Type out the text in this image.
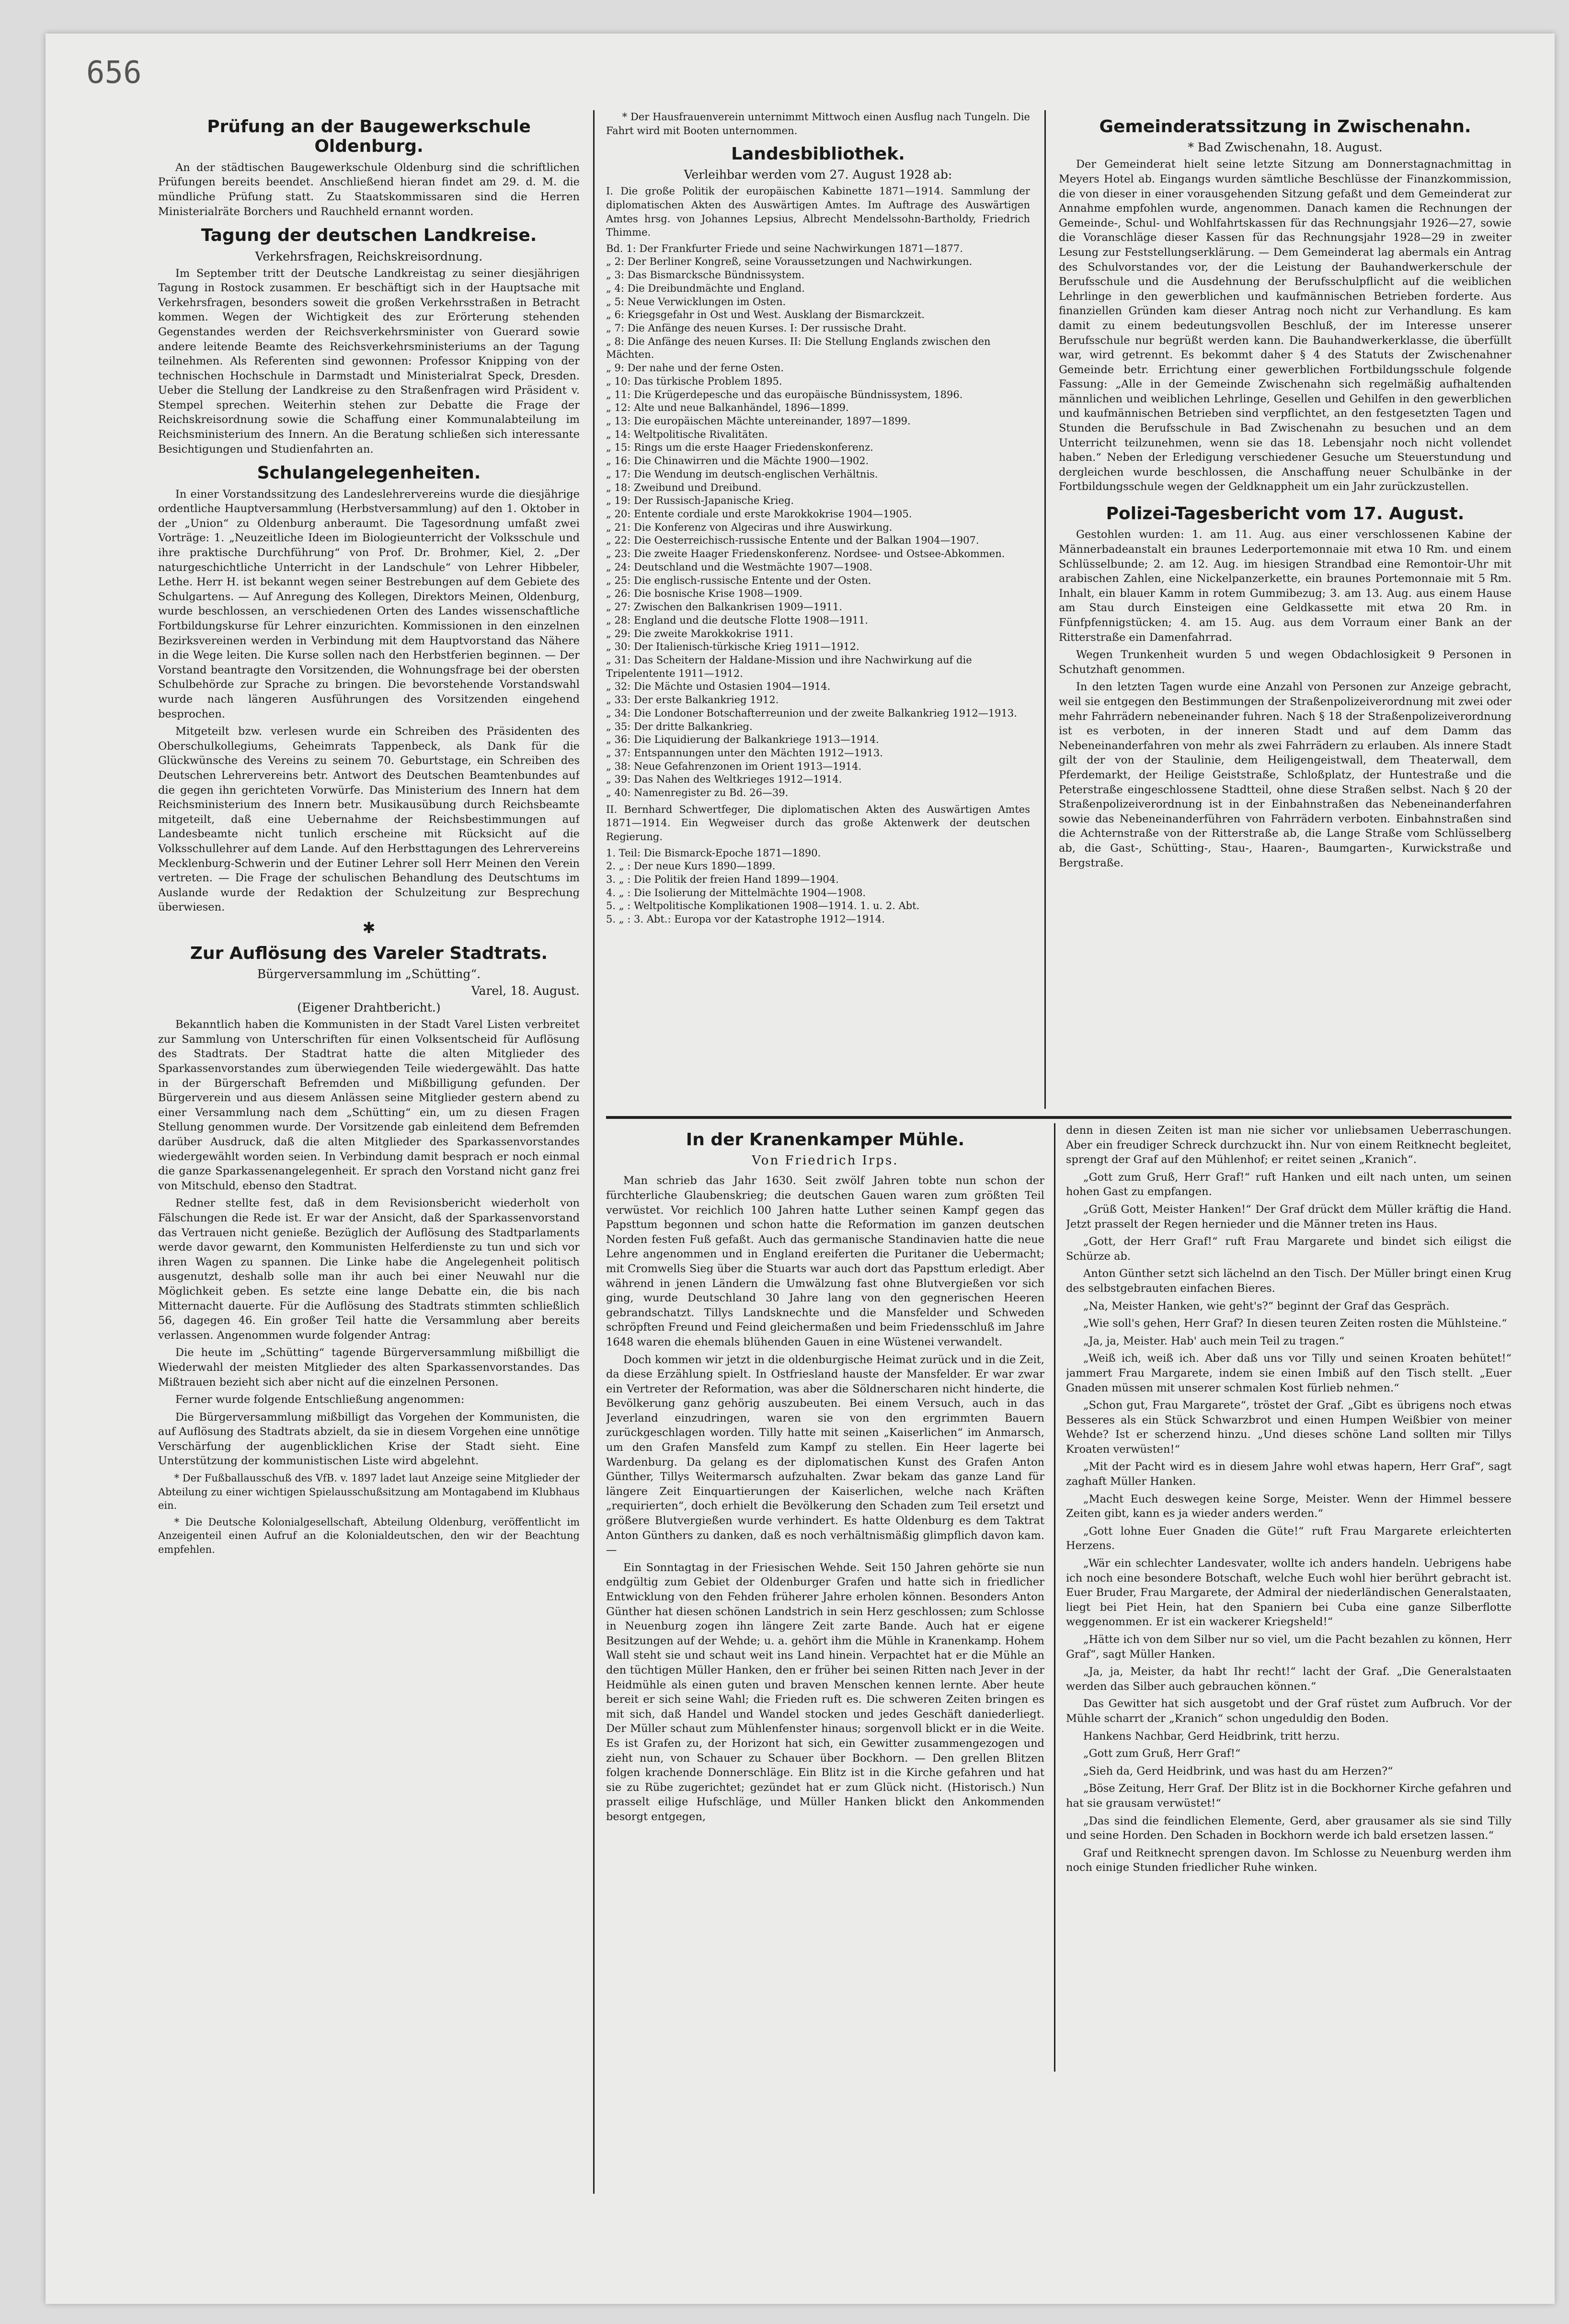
656
Prüfung an der Baugewerkschule Oldenburg.
An der städtischen Baugewerkschule Oldenburg sind die schriftlichen Prüfungen bereits beendet. Anschließend hieran findet am 29. d. M. die mündliche Prüfung statt. Zu Staatskommissaren sind die Herren Ministerialräte Borchers und Rauchheld ernannt worden.
Tagung der deutschen Landkreise.
Verkehrsfragen, Reichskreisordnung.
Im September tritt der Deutsche Landkreistag zu seiner diesjährigen Tagung in Rostock zusammen. Er beschäftigt sich in der Hauptsache mit Verkehrsfragen, besonders soweit die großen Verkehrsstraßen in Betracht kommen. Wegen der Wichtigkeit des zur Erörterung stehenden Gegenstandes werden der Reichsverkehrsminister von Guerard sowie andere leitende Beamte des Reichsverkehrsministeriums an der Tagung teilnehmen. Als Referenten sind gewonnen: Professor Knipping von der technischen Hochschule in Darmstadt und Ministerialrat Speck, Dresden. Ueber die Stellung der Landkreise zu den Straßenfragen wird Präsident v. Stempel sprechen. Weiterhin stehen zur Debatte die Frage der Reichskreisordnung sowie die Schaffung einer Kommunalabteilung im Reichsministerium des Innern. An die Beratung schließen sich interessante Besichtigungen und Studienfahrten an.
Schulangelegenheiten.
In einer Vorstandssitzung des Landeslehrervereins wurde die diesjährige ordentliche Hauptversammlung (Herbstversammlung) auf den 1. Oktober in der „Union“ zu Oldenburg anberaumt. Die Tagesordnung umfaßt zwei Vorträge: 1. „Neuzeitliche Ideen im Biologieunterricht der Volksschule und ihre praktische Durchführung“ von Prof. Dr. Brohmer, Kiel, 2. „Der naturgeschichtliche Unterricht in der Landschule“ von Lehrer Hibbeler, Lethe. Herr H. ist bekannt wegen seiner Bestrebungen auf dem Gebiete des Schulgartens. — Auf Anregung des Kollegen, Direktors Meinen, Oldenburg, wurde beschlossen, an verschiedenen Orten des Landes wissenschaftliche Fortbildungskurse für Lehrer einzurichten. Kommissionen in den einzelnen Bezirksvereinen werden in Verbindung mit dem Hauptvorstand das Nähere in die Wege leiten. Die Kurse sollen nach den Herbstferien beginnen. — Der Vorstand beantragte den Vorsitzenden, die Wohnungsfrage bei der obersten Schulbehörde zur Sprache zu bringen. Die bevorstehende Vorstandswahl wurde nach längeren Ausführungen des Vorsitzenden eingehend besprochen.
Mitgeteilt bzw. verlesen wurde ein Schreiben des Präsidenten des Oberschulkollegiums, Geheimrats Tappenbeck, als Dank für die Glückwünsche des Vereins zu seinem 70. Geburtstage, ein Schreiben des Deutschen Lehrervereins betr. Antwort des Deutschen Beamtenbundes auf die gegen ihn gerichteten Vorwürfe. Das Ministerium des Innern hat dem Reichsministerium des Innern betr. Musikausübung durch Reichsbeamte mitgeteilt, daß eine Uebernahme der Reichsbestimmungen auf Landesbeamte nicht tunlich erscheine mit Rücksicht auf die Volksschullehrer auf dem Lande. Auf den Herbsttagungen des Lehrervereins Mecklenburg-Schwerin und der Eutiner Lehrer soll Herr Meinen den Verein vertreten. — Die Frage der schulischen Behandlung des Deutschtums im Auslande wurde der Redaktion der Schulzeitung zur Besprechung überwiesen.
✱
Zur Auflösung des Vareler Stadtrats.
Bürgerversammlung im „Schütting“.
Varel, 18. August.
(Eigener Drahtbericht.)
Bekanntlich haben die Kommunisten in der Stadt Varel Listen verbreitet zur Sammlung von Unterschriften für einen Volksentscheid für Auflösung des Stadtrats. Der Stadtrat hatte die alten Mitglieder des Sparkassenvorstandes zum überwiegenden Teile wiedergewählt. Das hatte in der Bürgerschaft Befremden und Mißbilligung gefunden. Der Bürgerverein und aus diesem Anlässen seine Mitglieder gestern abend zu einer Versammlung nach dem „Schütting“ ein, um zu diesen Fragen Stellung genommen wurde. Der Vorsitzende gab einleitend dem Befremden darüber Ausdruck, daß die alten Mitglieder des Sparkassenvorstandes wiedergewählt worden seien. In Verbindung damit besprach er noch einmal die ganze Sparkassenangelegenheit. Er sprach den Vorstand nicht ganz frei von Mitschuld, ebenso den Stadtrat.
Redner stellte fest, daß in dem Revisionsbericht wiederholt von Fälschungen die Rede ist. Er war der Ansicht, daß der Sparkassenvorstand das Vertrauen nicht genieße. Bezüglich der Auflösung des Stadtparlaments werde davor gewarnt, den Kommunisten Helferdienste zu tun und sich vor ihren Wagen zu spannen. Die Linke habe die Angelegenheit politisch ausgenutzt, deshalb solle man ihr auch bei einer Neuwahl nur die Möglichkeit geben. Es setzte eine lange Debatte ein, die bis nach Mitternacht dauerte. Für die Auflösung des Stadtrats stimmten schließlich 56, dagegen 46. Ein großer Teil hatte die Versammlung aber bereits verlassen. Angenommen wurde folgender Antrag:
Die heute im „Schütting“ tagende Bürgerversammlung mißbilligt die Wiederwahl der meisten Mitglieder des alten Sparkassenvorstandes. Das Mißtrauen bezieht sich aber nicht auf die einzelnen Personen.
Ferner wurde folgende Entschließung angenommen:
Die Bürgerversammlung mißbilligt das Vorgehen der Kommunisten, die auf Auflösung des Stadtrats abzielt, da sie in diesem Vorgehen eine unnötige Verschärfung der augenblicklichen Krise der Stadt sieht. Eine Unterstützung der kommunistischen Liste wird abgelehnt.
* Der Fußballausschuß des VfB. v. 1897 ladet laut Anzeige seine Mitglieder der Abteilung zu einer wichtigen Spielausschußsitzung am Montagabend im Klubhaus ein.
* Die Deutsche Kolonialgesellschaft, Abteilung Oldenburg, veröffentlicht im Anzeigenteil einen Aufruf an die Kolonialdeutschen, den wir der Beachtung empfehlen.
* Der Hausfrauenverein unternimmt Mittwoch einen Ausflug nach Tungeln. Die Fahrt wird mit Booten unternommen.
Landesbibliothek.
Verleihbar werden vom 27. August 1928 ab:
I. Die große Politik der europäischen Kabinette 1871—1914. Sammlung der diplomatischen Akten des Auswärtigen Amtes. Im Auftrage des Auswärtigen Amtes hrsg. von Johannes Lepsius, Albrecht Mendelssohn-Bartholdy, Friedrich Thimme.
Bd. 1: Der Frankfurter Friede und seine Nachwirkungen 1871—1877.
„ 2: Der Berliner Kongreß, seine Voraussetzungen und Nachwirkungen.
„ 3: Das Bismarcksche Bündnissystem.
„ 4: Die Dreibundmächte und England.
„ 5: Neue Verwicklungen im Osten.
„ 6: Kriegsgefahr in Ost und West. Ausklang der Bismarckzeit.
„ 7: Die Anfänge des neuen Kurses. I: Der russische Draht.
„ 8: Die Anfänge des neuen Kurses. II: Die Stellung Englands zwischen den Mächten.
„ 9: Der nahe und der ferne Osten.
„ 10: Das türkische Problem 1895.
„ 11: Die Krügerdepesche und das europäische Bündnissystem, 1896.
„ 12: Alte und neue Balkanhändel, 1896—1899.
„ 13: Die europäischen Mächte untereinander, 1897—1899.
„ 14: Weltpolitische Rivalitäten.
„ 15: Rings um die erste Haager Friedenskonferenz.
„ 16: Die Chinawirren und die Mächte 1900—1902.
„ 17: Die Wendung im deutsch-englischen Verhältnis.
„ 18: Zweibund und Dreibund.
„ 19: Der Russisch-Japanische Krieg.
„ 20: Entente cordiale und erste Marokkokrise 1904—1905.
„ 21: Die Konferenz von Algeciras und ihre Auswirkung.
„ 22: Die Oesterreichisch-russische Entente und der Balkan 1904—1907.
„ 23: Die zweite Haager Friedenskonferenz. Nordsee- und Ostsee-Abkommen.
„ 24: Deutschland und die Westmächte 1907—1908.
„ 25: Die englisch-russische Entente und der Osten.
„ 26: Die bosnische Krise 1908—1909.
„ 27: Zwischen den Balkankrisen 1909—1911.
„ 28: England und die deutsche Flotte 1908—1911.
„ 29: Die zweite Marokkokrise 1911.
„ 30: Der Italienisch-türkische Krieg 1911—1912.
„ 31: Das Scheitern der Haldane-Mission und ihre Nachwirkung auf die Tripelentente 1911—1912.
„ 32: Die Mächte und Ostasien 1904—1914.
„ 33: Der erste Balkankrieg 1912.
„ 34: Die Londoner Botschafterreunion und der zweite Balkankrieg 1912—1913.
„ 35: Der dritte Balkankrieg.
„ 36: Die Liquidierung der Balkankriege 1913—1914.
„ 37: Entspannungen unter den Mächten 1912—1913.
„ 38: Neue Gefahrenzonen im Orient 1913—1914.
„ 39: Das Nahen des Weltkrieges 1912—1914.
„ 40: Namenregister zu Bd. 26—39.
II. Bernhard Schwertfeger, Die diplomatischen Akten des Auswärtigen Amtes 1871—1914. Ein Wegweiser durch das große Aktenwerk der deutschen Regierung.
1. Teil: Die Bismarck-Epoche 1871—1890.
2. „ : Der neue Kurs 1890—1899.
3. „ : Die Politik der freien Hand 1899—1904.
4. „ : Die Isolierung der Mittelmächte 1904—1908.
5. „ : Weltpolitische Komplikationen 1908—1914. 1. u. 2. Abt.
5. „ : 3. Abt.: Europa vor der Katastrophe 1912—1914.
Gemeinderatssitzung in Zwischenahn.
* Bad Zwischenahn, 18. August.
Der Gemeinderat hielt seine letzte Sitzung am Donnerstagnachmittag in Meyers Hotel ab. Eingangs wurden sämtliche Beschlüsse der Finanzkommission, die von dieser in einer vorausgehenden Sitzung gefaßt und dem Gemeinderat zur Annahme empfohlen wurde, angenommen. Danach kamen die Rechnungen der Gemeinde-, Schul- und Wohlfahrtskassen für das Rechnungsjahr 1926—27, sowie die Voranschläge dieser Kassen für das Rechnungsjahr 1928—29 in zweiter Lesung zur Feststellungserklärung. — Dem Gemeinderat lag abermals ein Antrag des Schulvorstandes vor, der die Leistung der Bauhandwerkerschule der Berufsschule und die Ausdehnung der Berufsschulpflicht auf die weiblichen Lehrlinge in den gewerblichen und kaufmännischen Betrieben forderte. Aus finanziellen Gründen kam dieser Antrag noch nicht zur Verhandlung. Es kam damit zu einem bedeutungsvollen Beschluß, der im Interesse unserer Berufsschule nur begrüßt werden kann. Die Bauhandwerkerklasse, die überfüllt war, wird getrennt. Es bekommt daher § 4 des Statuts der Zwischenahner Gemeinde betr. Errichtung einer gewerblichen Fortbildungsschule folgende Fassung: „Alle in der Gemeinde Zwischenahn sich regelmäßig aufhaltenden männlichen und weiblichen Lehrlinge, Gesellen und Gehilfen in den gewerblichen und kaufmännischen Betrieben sind verpflichtet, an den festgesetzten Tagen und Stunden die Berufsschule in Bad Zwischenahn zu besuchen und an dem Unterricht teilzunehmen, wenn sie das 18. Lebensjahr noch nicht vollendet haben.“ Neben der Erledigung verschiedener Gesuche um Steuerstundung und dergleichen wurde beschlossen, die Anschaffung neuer Schulbänke in der Fortbildungsschule wegen der Geldknappheit um ein Jahr zurückzustellen.
Polizei-Tagesbericht vom 17. August.
Gestohlen wurden: 1. am 11. Aug. aus einer verschlossenen Kabine der Männerbadeanstalt ein braunes Lederportemonnaie mit etwa 10 Rm. und einem Schlüsselbunde; 2. am 12. Aug. im hiesigen Strandbad eine Remontoir-Uhr mit arabischen Zahlen, eine Nickelpanzerkette, ein braunes Portemonnaie mit 5 Rm. Inhalt, ein blauer Kamm in rotem Gummibezug; 3. am 13. Aug. aus einem Hause am Stau durch Einsteigen eine Geldkassette mit etwa 20 Rm. in Fünfpfennigstücken; 4. am 15. Aug. aus dem Vorraum einer Bank an der Ritterstraße ein Damenfahrrad.
Wegen Trunkenheit wurden 5 und wegen Obdachlosigkeit 9 Personen in Schutzhaft genommen.
In den letzten Tagen wurde eine Anzahl von Personen zur Anzeige gebracht, weil sie entgegen den Bestimmungen der Straßenpolizeiverordnung mit zwei oder mehr Fahrrädern nebeneinander fuhren. Nach § 18 der Straßenpolizeiverordnung ist es verboten, in der inneren Stadt und auf dem Damm das Nebeneinanderfahren von mehr als zwei Fahrrädern zu erlauben. Als innere Stadt gilt der von der Staulinie, dem Heiligengeistwall, dem Theaterwall, dem Pferdemarkt, der Heilige Geiststraße, Schloßplatz, der Huntestraße und die Peterstraße eingeschlossene Stadtteil, ohne diese Straßen selbst. Nach § 20 der Straßenpolizeiverordnung ist in der Einbahnstraßen das Nebeneinanderfahren sowie das Nebeneinanderführen von Fahrrädern verboten. Einbahnstraßen sind die Achternstraße von der Ritterstraße ab, die Lange Straße vom Schlüsselberg ab, die Gast-, Schütting-, Stau-, Haaren-, Baumgarten-, Kurwickstraße und Bergstraße.
In der Kranenkamper Mühle.
Von Friedrich Irps.
Man schrieb das Jahr 1630. Seit zwölf Jahren tobte nun schon der fürchterliche Glaubenskrieg; die deutschen Gauen waren zum größten Teil verwüstet. Vor reichlich 100 Jahren hatte Luther seinen Kampf gegen das Papsttum begonnen und schon hatte die Reformation im ganzen deutschen Norden festen Fuß gefaßt. Auch das germanische Standinavien hatte die neue Lehre angenommen und in England ereiferten die Puritaner die Uebermacht; mit Cromwells Sieg über die Stuarts war auch dort das Papsttum erledigt. Aber während in jenen Ländern die Umwälzung fast ohne Blutvergießen vor sich ging, wurde Deutschland 30 Jahre lang von den gegnerischen Heeren gebrandschatzt. Tillys Landsknechte und die Mansfelder und Schweden schröpften Freund und Feind gleichermaßen und beim Friedensschluß im Jahre 1648 waren die ehemals blühenden Gauen in eine Wüstenei verwandelt.
Doch kommen wir jetzt in die oldenburgische Heimat zurück und in die Zeit, da diese Erzählung spielt. In Ostfriesland hauste der Mansfelder. Er war zwar ein Vertreter der Reformation, was aber die Söldnerscharen nicht hinderte, die Bevölkerung ganz gehörig auszubeuten. Bei einem Versuch, auch in das Jeverland einzudringen, waren sie von den ergrimmten Bauern zurückgeschlagen worden. Tilly hatte mit seinen „Kaiserlichen“ im Anmarsch, um den Grafen Mansfeld zum Kampf zu stellen. Ein Heer lagerte bei Wardenburg. Da gelang es der diplomatischen Kunst des Grafen Anton Günther, Tillys Weitermarsch aufzuhalten. Zwar bekam das ganze Land für längere Zeit Einquartierungen der Kaiserlichen, welche nach Kräften „requirierten“, doch erhielt die Bevölkerung den Schaden zum Teil ersetzt und größere Blutvergießen wurde verhindert. Es hatte Oldenburg es dem Taktrat Anton Günthers zu danken, daß es noch verhältnismäßig glimpflich davon kam. —
Ein Sonntagtag in der Friesischen Wehde. Seit 150 Jahren gehörte sie nun endgültig zum Gebiet der Oldenburger Grafen und hatte sich in friedlicher Entwicklung von den Fehden früherer Jahre erholen können. Besonders Anton Günther hat diesen schönen Landstrich in sein Herz geschlossen; zum Schlosse in Neuenburg zogen ihn längere Zeit zarte Bande. Auch hat er eigene Besitzungen auf der Wehde; u. a. gehört ihm die Mühle in Kranenkamp. Hohem Wall steht sie und schaut weit ins Land hinein. Verpachtet hat er die Mühle an den tüchtigen Müller Hanken, den er früher bei seinen Ritten nach Jever in der Heidmühle als einen guten und braven Menschen kennen lernte. Aber heute bereit er sich seine Wahl; die Frieden ruft es. Die schweren Zeiten bringen es mit sich, daß Handel und Wandel stocken und jedes Geschäft daniederliegt. Der Müller schaut zum Mühlenfenster hinaus; sorgenvoll blickt er in die Weite. Es ist Grafen zu, der Horizont hat sich, ein Gewitter zusammengezogen und zieht nun, von Schauer zu Schauer über Bockhorn. — Den grellen Blitzen folgen krachende Donnerschläge. Ein Blitz ist in die Kirche gefahren und hat sie zu Rübe zugerichtet; gezündet hat er zum Glück nicht. (Historisch.) Nun prasselt eilige Hufschläge, und Müller Hanken blickt den Ankommenden besorgt entgegen,
denn in diesen Zeiten ist man nie sicher vor unliebsamen Ueberraschungen. Aber ein freudiger Schreck durchzuckt ihn. Nur von einem Reitknecht begleitet, sprengt der Graf auf den Mühlenhof; er reitet seinen „Kranich“.
„Gott zum Gruß, Herr Graf!“ ruft Hanken und eilt nach unten, um seinen hohen Gast zu empfangen.
„Grüß Gott, Meister Hanken!“ Der Graf drückt dem Müller kräftig die Hand. Jetzt prasselt der Regen hernieder und die Männer treten ins Haus.
„Gott, der Herr Graf!“ ruft Frau Margarete und bindet sich eiligst die Schürze ab.
Anton Günther setzt sich lächelnd an den Tisch. Der Müller bringt einen Krug des selbstgebrauten einfachen Bieres.
„Na, Meister Hanken, wie geht's?“ beginnt der Graf das Gespräch.
„Wie soll's gehen, Herr Graf? In diesen teuren Zeiten rosten die Mühlsteine.“
„Ja, ja, Meister. Hab' auch mein Teil zu tragen.“
„Weiß ich, weiß ich. Aber daß uns vor Tilly und seinen Kroaten behütet!“ jammert Frau Margarete, indem sie einen Imbiß auf den Tisch stellt. „Euer Gnaden müssen mit unserer schmalen Kost fürlieb nehmen.“
„Schon gut, Frau Margarete“, tröstet der Graf. „Gibt es übrigens noch etwas Besseres als ein Stück Schwarzbrot und einen Humpen Weißbier von meiner Wehde? Ist er scherzend hinzu. „Und dieses schöne Land sollten mir Tillys Kroaten verwüsten!“
„Mit der Pacht wird es in diesem Jahre wohl etwas hapern, Herr Graf“, sagt zaghaft Müller Hanken.
„Macht Euch deswegen keine Sorge, Meister. Wenn der Himmel bessere Zeiten gibt, kann es ja wieder anders werden.“
„Gott lohne Euer Gnaden die Güte!“ ruft Frau Margarete erleichterten Herzens.
„Wär ein schlechter Landesvater, wollte ich anders handeln. Uebrigens habe ich noch eine besondere Botschaft, welche Euch wohl hier berührt gebracht ist. Euer Bruder, Frau Margarete, der Admiral der niederländischen Generalstaaten, liegt bei Piet Hein, hat den Spaniern bei Cuba eine ganze Silberflotte weggenommen. Er ist ein wackerer Kriegsheld!“
„Hätte ich von dem Silber nur so viel, um die Pacht bezahlen zu können, Herr Graf“, sagt Müller Hanken.
„Ja, ja, Meister, da habt Ihr recht!“ lacht der Graf. „Die Generalstaaten werden das Silber auch gebrauchen können.“
Das Gewitter hat sich ausgetobt und der Graf rüstet zum Aufbruch. Vor der Mühle scharrt der „Kranich“ schon ungeduldig den Boden.
Hankens Nachbar, Gerd Heidbrink, tritt herzu.
„Gott zum Gruß, Herr Graf!“
„Sieh da, Gerd Heidbrink, und was hast du am Herzen?“
„Böse Zeitung, Herr Graf. Der Blitz ist in die Bockhorner Kirche gefahren und hat sie grausam verwüstet!“
„Das sind die feindlichen Elemente, Gerd, aber grausamer als sie sind Tilly und seine Horden. Den Schaden in Bockhorn werde ich bald ersetzen lassen.“
Graf und Reitknecht sprengen davon. Im Schlosse zu Neuenburg werden ihm noch einige Stunden friedlicher Ruhe winken.
